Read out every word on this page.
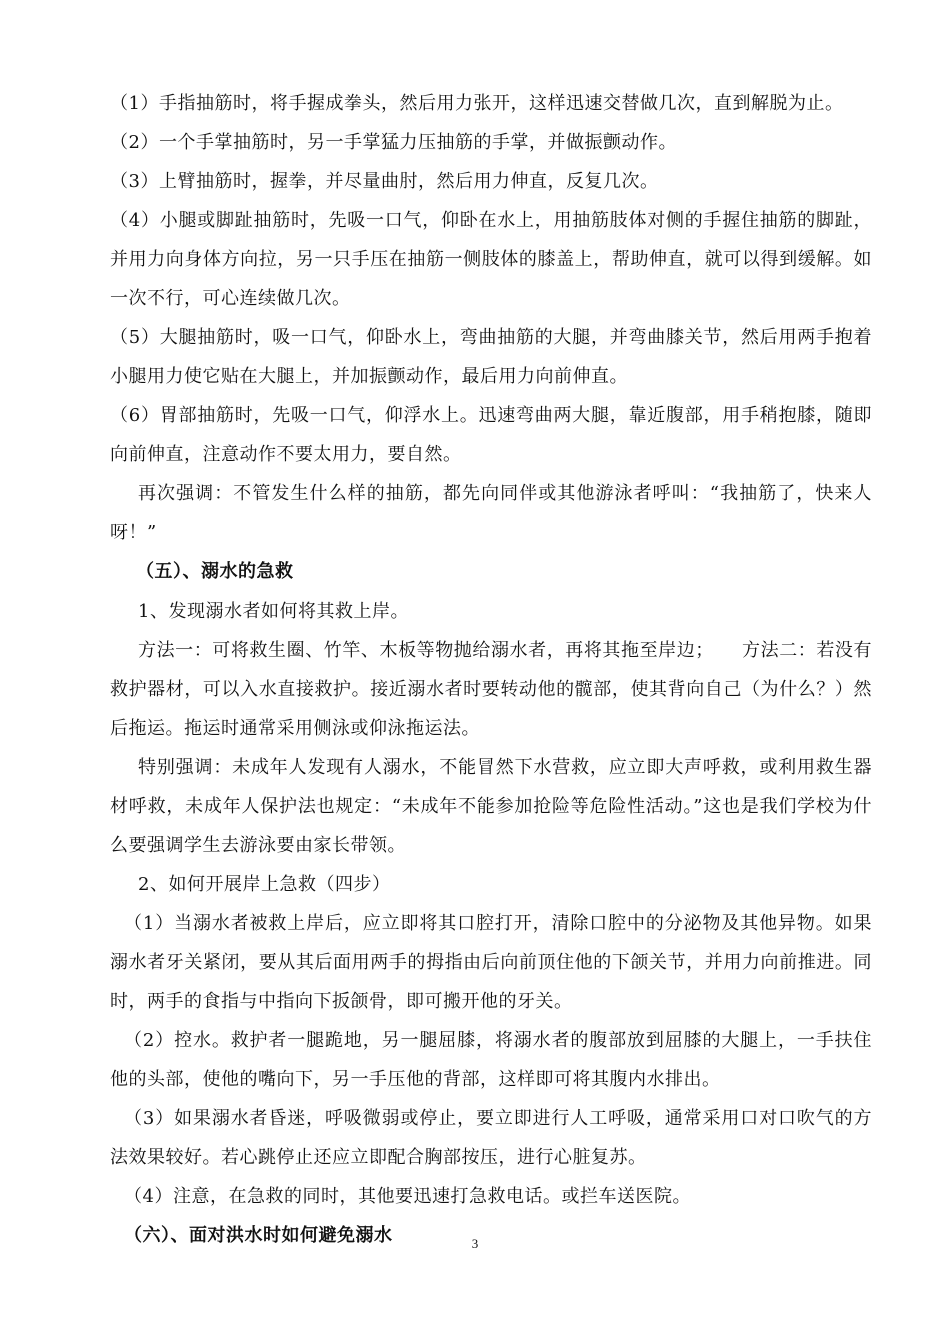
（1）手指抽筋时，将手握成拳头，然后用力张开，这样迅速交替做几次，直到解脱为止。

（2）一个手掌抽筋时，另一手掌猛力压抽筋的手掌，并做振颤动作。

（3）上臂抽筋时，握拳，并尽量曲肘，然后用力伸直，反复几次。

（4）小腿或脚趾抽筋时，先吸一口气，仰卧在水上，用抽筋肢体对侧的手握住抽筋的脚趾，并用力向身体方向拉，另一只手压在抽筋一侧肢体的膝盖上，帮助伸直，就可以得到缓解。如一次不行，可心连续做几次。

（5）大腿抽筋时，吸一口气，仰卧水上，弯曲抽筋的大腿，并弯曲膝关节，然后用两手抱着小腿用力使它贴在大腿上，并加振颤动作，最后用力向前伸直。

（6）胃部抽筋时，先吸一口气，仰浮水上。迅速弯曲两大腿，靠近腹部，用手稍抱膝，随即向前伸直，注意动作不要太用力，要自然。

再次强调：不管发生什么样的抽筋，都先向同伴或其他游泳者呼叫：“我抽筋了，快来人呀！”

（五）、溺水的急救

1、发现溺水者如何将其救上岸。

方法一：可将救生圈、竹竿、木板等物抛给溺水者，再将其拖至岸边；　　方法二：若没有救护器材，可以入水直接救护。接近溺水者时要转动他的髋部，使其背向自己（为什么？）然后拖运。拖运时通常采用侧泳或仰泳拖运法。

特别强调：未成年人发现有人溺水，不能冒然下水营救，应立即大声呼救，或利用救生器材呼救，未成年人保护法也规定：“未成年不能参加抢险等危险性活动。”这也是我们学校为什么要强调学生去游泳要由家长带领。

2、如何开展岸上急救（四步）

（1）当溺水者被救上岸后，应立即将其口腔打开，清除口腔中的分泌物及其他异物。如果溺水者牙关紧闭，要从其后面用两手的拇指由后向前顶住他的下颌关节，并用力向前推进。同时，两手的食指与中指向下扳颌骨，即可搬开他的牙关。

（2）控水。救护者一腿跪地，另一腿屈膝，将溺水者的腹部放到屈膝的大腿上，一手扶住他的头部，使他的嘴向下，另一手压他的背部，这样即可将其腹内水排出。

（3）如果溺水者昏迷，呼吸微弱或停止，要立即进行人工呼吸，通常采用口对口吹气的方法效果较好。若心跳停止还应立即配合胸部按压，进行心脏复苏。

（4）注意，在急救的同时，其他要迅速打急救电话。或拦车送医院。

（六）、面对洪水时如何避免溺水	3
